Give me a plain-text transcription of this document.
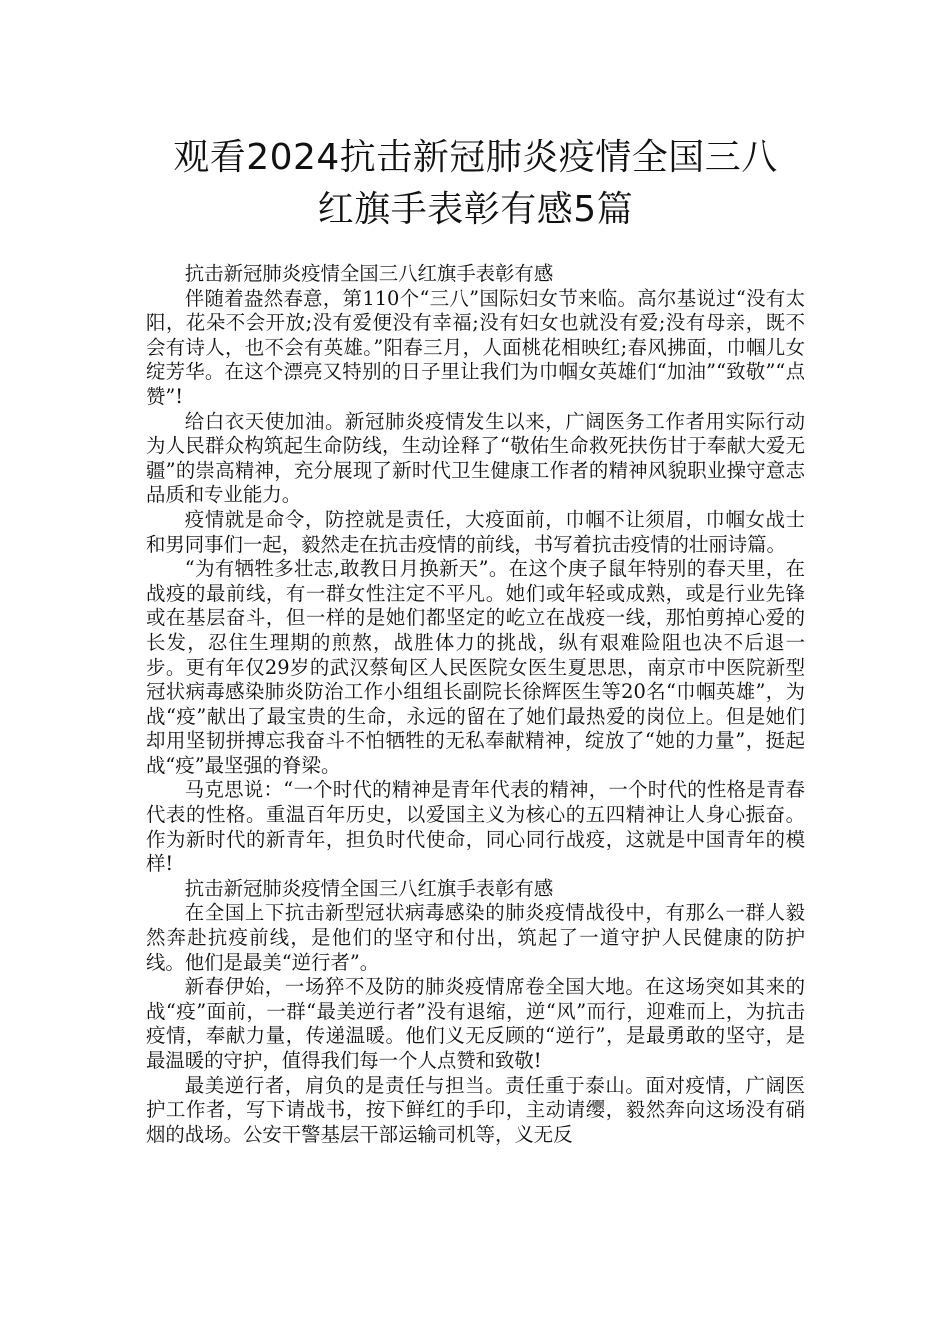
观看2024抗击新冠肺炎疫情全国三八
红旗手表彰有感5篇

抗击新冠肺炎疫情全国三八红旗手表彰有感

伴随着盎然春意，第110个“三八”国际妇女节来临。高尔基说过“没有太阳，花朵不会开放;没有爱便没有幸福;没有妇女也就没有爱;没有母亲，既不会有诗人，也不会有英雄。”阳春三月，人面桃花相映红;春风拂面，巾帼儿女绽芳华。在这个漂亮又特别的日子里让我们为巾帼女英雄们“加油”“致敬”“点赞”!

给白衣天使加油。新冠肺炎疫情发生以来，广阔医务工作者用实际行动为人民群众构筑起生命防线，生动诠释了“敬佑生命救死扶伤甘于奉献大爱无疆”的崇高精神，充分展现了新时代卫生健康工作者的精神风貌职业操守意志品质和专业能力。

疫情就是命令，防控就是责任，大疫面前，巾帼不让须眉，巾帼女战士和男同事们一起，毅然走在抗击疫情的前线，书写着抗击疫情的壮丽诗篇。

“为有牺牲多壮志,敢教日月换新天”。在这个庚子鼠年特别的春天里，在战疫的最前线，有一群女性注定不平凡。她们或年轻或成熟，或是行业先锋或在基层奋斗，但一样的是她们都坚定的屹立在战疫一线，那怕剪掉心爱的长发，忍住生理期的煎熬，战胜体力的挑战，纵有艰难险阻也决不后退一步。更有年仅29岁的武汉蔡甸区人民医院女医生夏思思，南京市中医院新型冠状病毒感染肺炎防治工作小组组长副院长徐辉医生等20名“巾帼英雄”，为战“疫”献出了最宝贵的生命，永远的留在了她们最热爱的岗位上。但是她们却用坚韧拼搏忘我奋斗不怕牺牲的无私奉献精神，绽放了“她的力量”，挺起战“疫”最坚强的脊梁。

马克思说：“一个时代的精神是青年代表的精神，一个时代的性格是青春代表的性格。重温百年历史，以爱国主义为核心的五四精神让人身心振奋。作为新时代的新青年，担负时代使命，同心同行战疫，这就是中国青年的模样!

抗击新冠肺炎疫情全国三八红旗手表彰有感

在全国上下抗击新型冠状病毒感染的肺炎疫情战役中，有那么一群人毅然奔赴抗疫前线，是他们的坚守和付出，筑起了一道守护人民健康的防护线。他们是最美“逆行者”。

新春伊始，一场猝不及防的肺炎疫情席卷全国大地。在这场突如其来的战“疫”面前，一群“最美逆行者”没有退缩，逆“风”而行，迎难而上，为抗击疫情，奉献力量，传递温暖。他们义无反顾的“逆行”，是最勇敢的坚守，是最温暖的守护，值得我们每一个人点赞和致敬!

最美逆行者，肩负的是责任与担当。责任重于泰山。面对疫情，广阔医护工作者，写下请战书，按下鲜红的手印，主动请缨，毅然奔向这场没有硝烟的战场。公安干警基层干部运输司机等，义无反
